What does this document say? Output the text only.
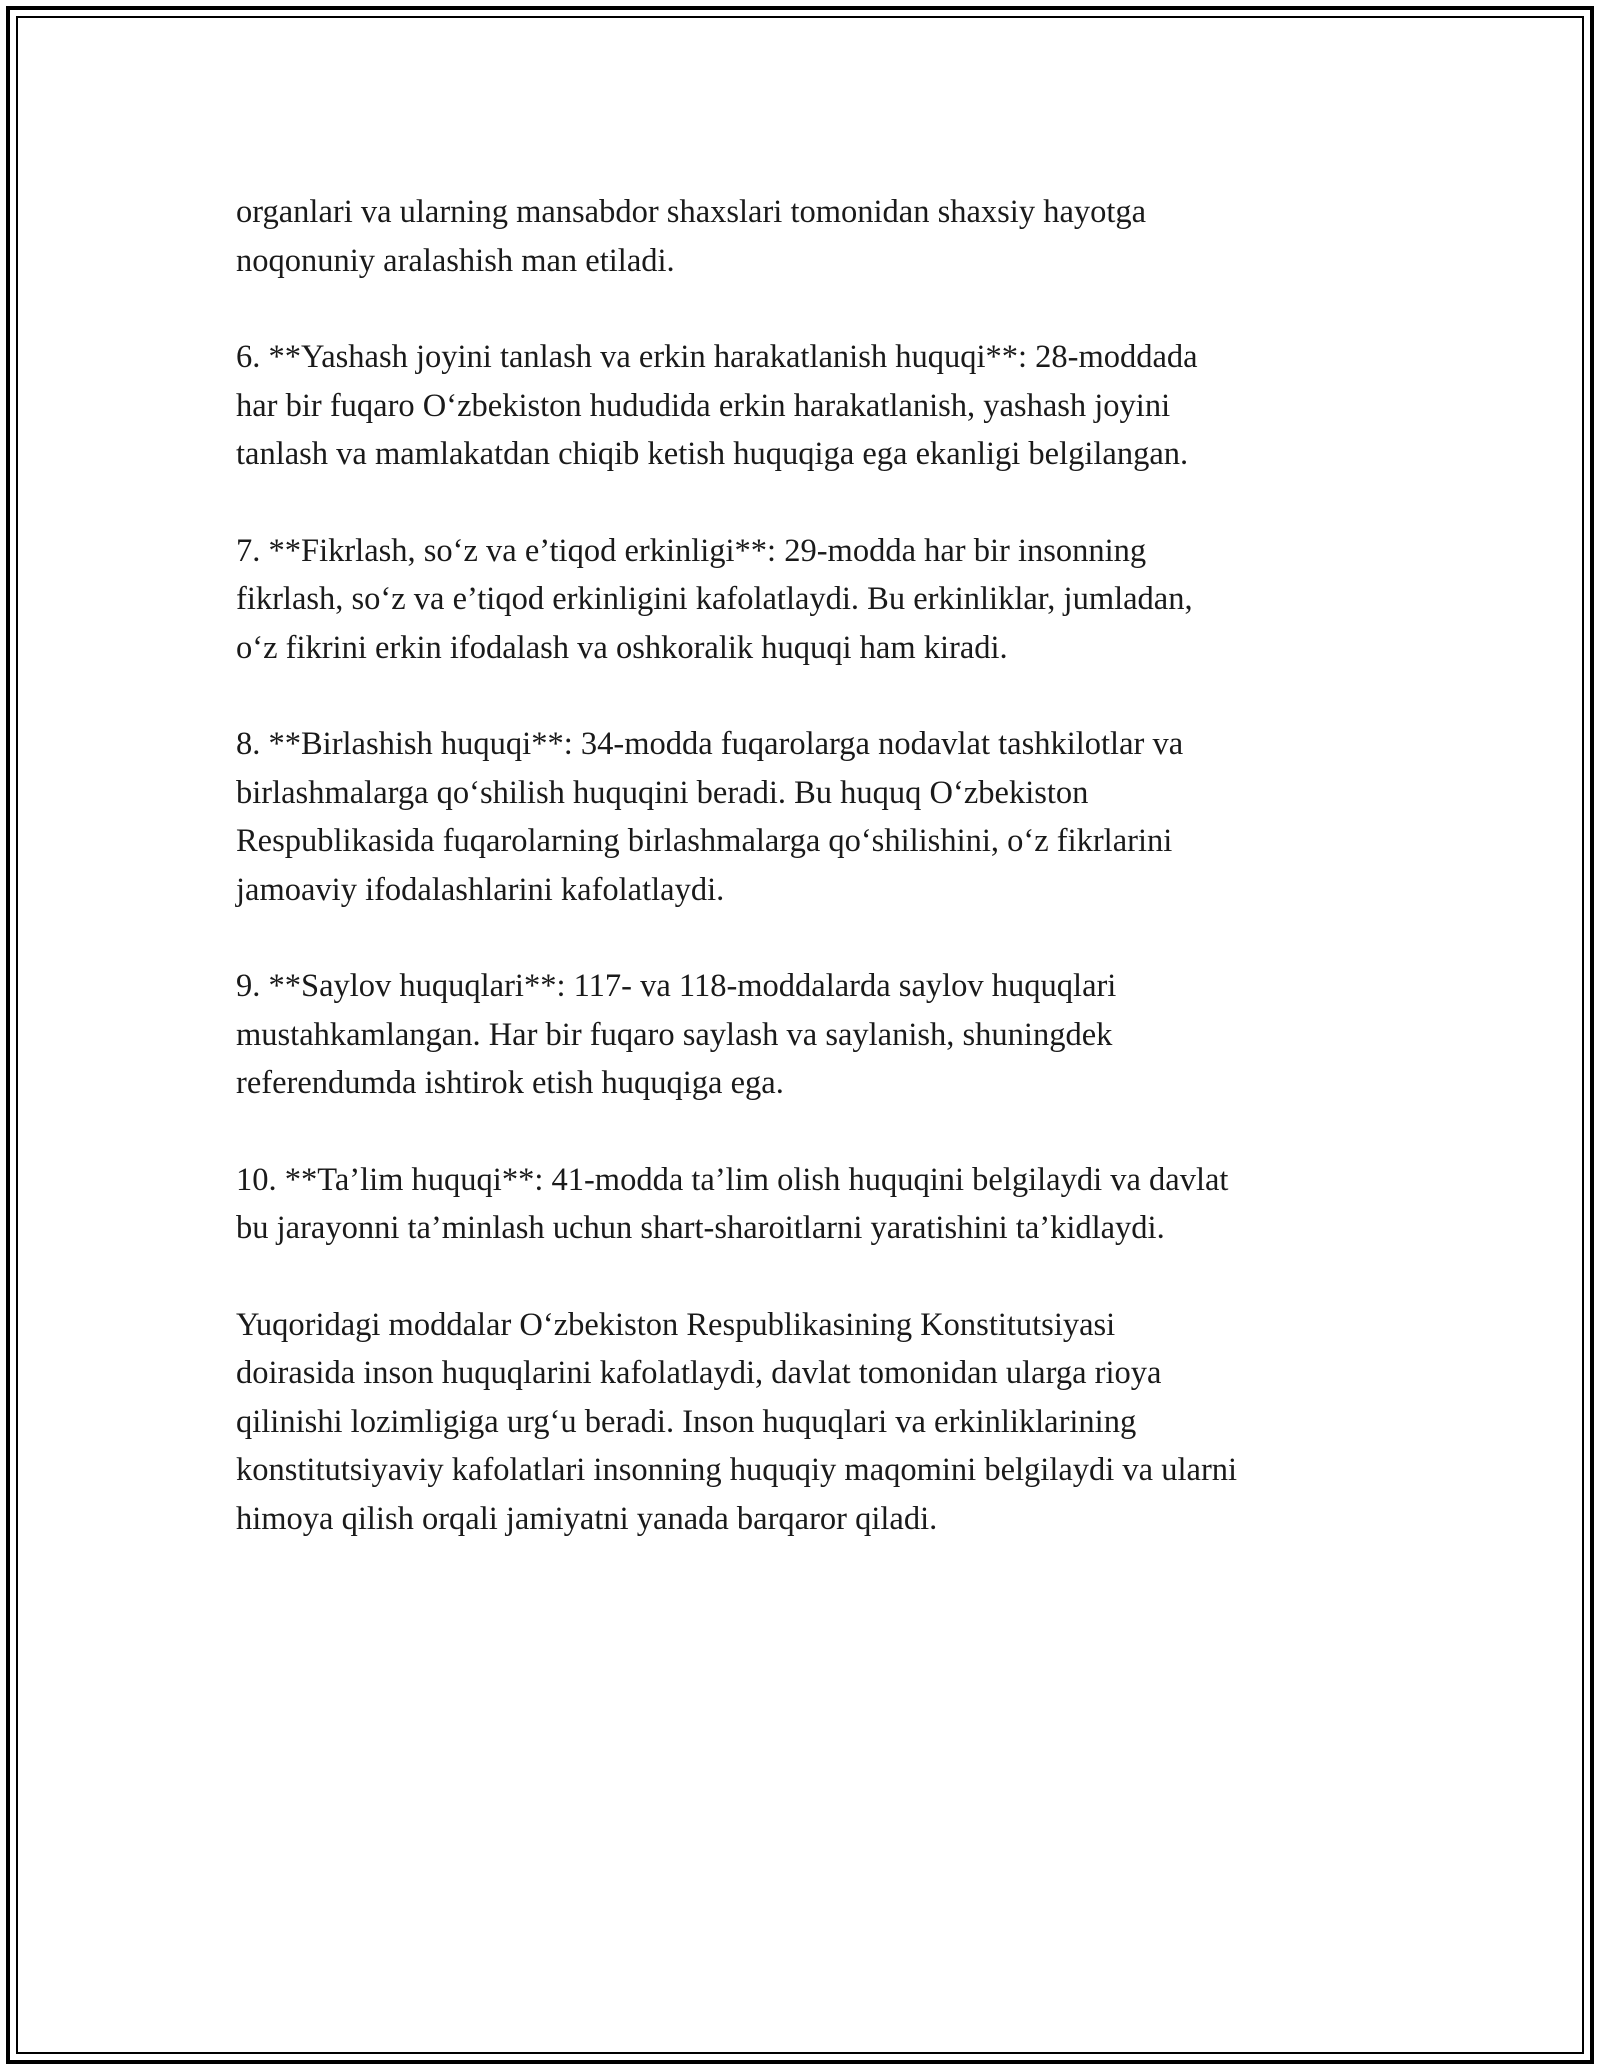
organlari va ularning mansabdor shaxslari tomonidan shaxsiy hayotga
noqonuniy aralashish man etiladi.

6. **Yashash joyini tanlash va erkin harakatlanish huquqi**: 28-moddada
har bir fuqaro O‘zbekiston hududida erkin harakatlanish, yashash joyini
tanlash va mamlakatdan chiqib ketish huquqiga ega ekanligi belgilangan.

7. **Fikrlash, so‘z va e’tiqod erkinligi**: 29-modda har bir insonning
fikrlash, so‘z va e’tiqod erkinligini kafolatlaydi. Bu erkinliklar, jumladan,
o‘z fikrini erkin ifodalash va oshkoralik huquqi ham kiradi.

8. **Birlashish huquqi**: 34-modda fuqarolarga nodavlat tashkilotlar va
birlashmalarga qo‘shilish huquqini beradi. Bu huquq O‘zbekiston
Respublikasida fuqarolarning birlashmalarga qo‘shilishini, o‘z fikrlarini
jamoaviy ifodalashlarini kafolatlaydi.

9. **Saylov huquqlari**: 117- va 118-moddalarda saylov huquqlari
mustahkamlangan. Har bir fuqaro saylash va saylanish, shuningdek
referendumda ishtirok etish huquqiga ega.

10. **Ta’lim huquqi**: 41-modda ta’lim olish huquqini belgilaydi va davlat
bu jarayonni ta’minlash uchun shart-sharoitlarni yaratishini ta’kidlaydi.

Yuqoridagi moddalar O‘zbekiston Respublikasining Konstitutsiyasi
doirasida inson huquqlarini kafolatlaydi, davlat tomonidan ularga rioya
qilinishi lozimligiga urg‘u beradi. Inson huquqlari va erkinliklarining
konstitutsiyaviy kafolatlari insonning huquqiy maqomini belgilaydi va ularni
himoya qilish orqali jamiyatni yanada barqaror qiladi.
